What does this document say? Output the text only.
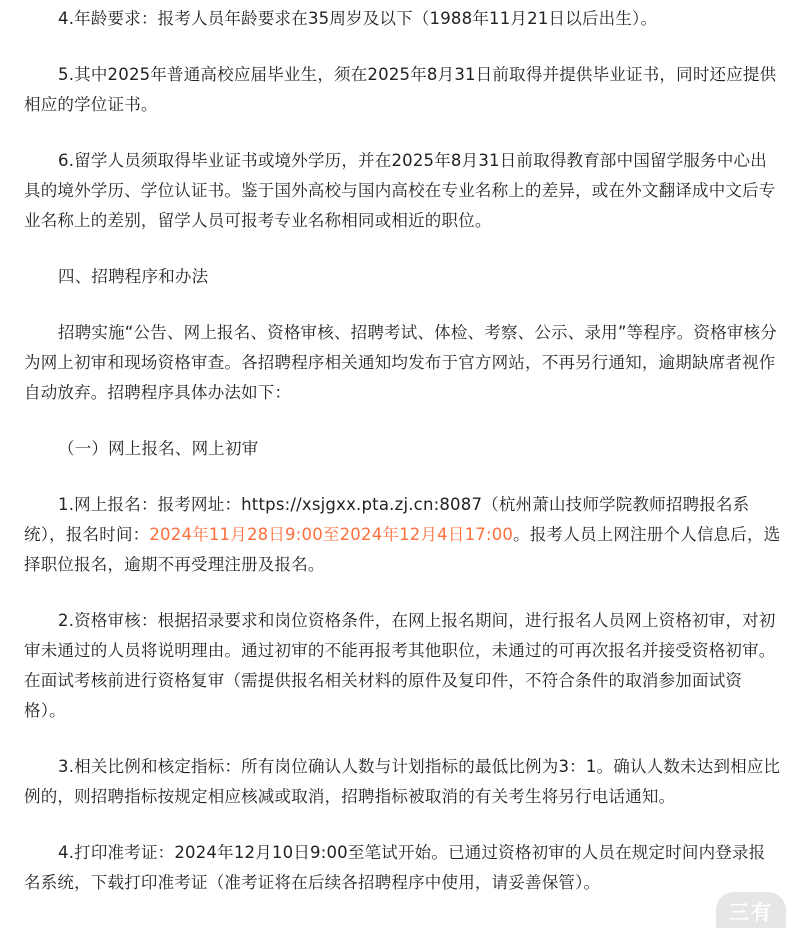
4.年龄要求：报考人员年龄要求在35周岁及以下（1988年11月21日以后出生）。

5.其中2025年普通高校应届毕业生，须在2025年8月31日前取得并提供毕业证书，同时还应提供相应的学位证书。

6.留学人员须取得毕业证书或境外学历，并在2025年8月31日前取得教育部中国留学服务中心出具的境外学历、学位认证书。鉴于国外高校与国内高校在专业名称上的差异，或在外文翻译成中文后专业名称上的差别，留学人员可报考专业名称相同或相近的职位。

四、招聘程序和办法

招聘实施“公告、网上报名、资格审核、招聘考试、体检、考察、公示、录用”等程序。资格审核分为网上初审和现场资格审查。各招聘程序相关通知均发布于官方网站，不再另行通知，逾期缺席者视作自动放弃。招聘程序具体办法如下：

（一）网上报名、网上初审

1.网上报名：报考网址：https://xsjgxx.pta.zj.cn:8087（杭州萧山技师学院教师招聘报名系统），报名时间：2024年11月28日9:00至2024年12月4日17:00。报考人员上网注册个人信息后，选择职位报名，逾期不再受理注册及报名。

2.资格审核：根据招录要求和岗位资格条件，在网上报名期间，进行报名人员网上资格初审，对初审未通过的人员将说明理由。通过初审的不能再报考其他职位，未通过的可再次报名并接受资格初审。在面试考核前进行资格复审（需提供报名相关材料的原件及复印件，不符合条件的取消参加面试资格）。

3.相关比例和核定指标：所有岗位确认人数与计划指标的最低比例为3：1。确认人数未达到相应比例的，则招聘指标按规定相应核减或取消，招聘指标被取消的有关考生将另行电话通知。

4.打印准考证：2024年12月10日9:00至笔试开始。已通过资格初审的人员在规定时间内登录报名系统，下载打印准考证（准考证将在后续各招聘程序中使用，请妥善保管）。

三有
